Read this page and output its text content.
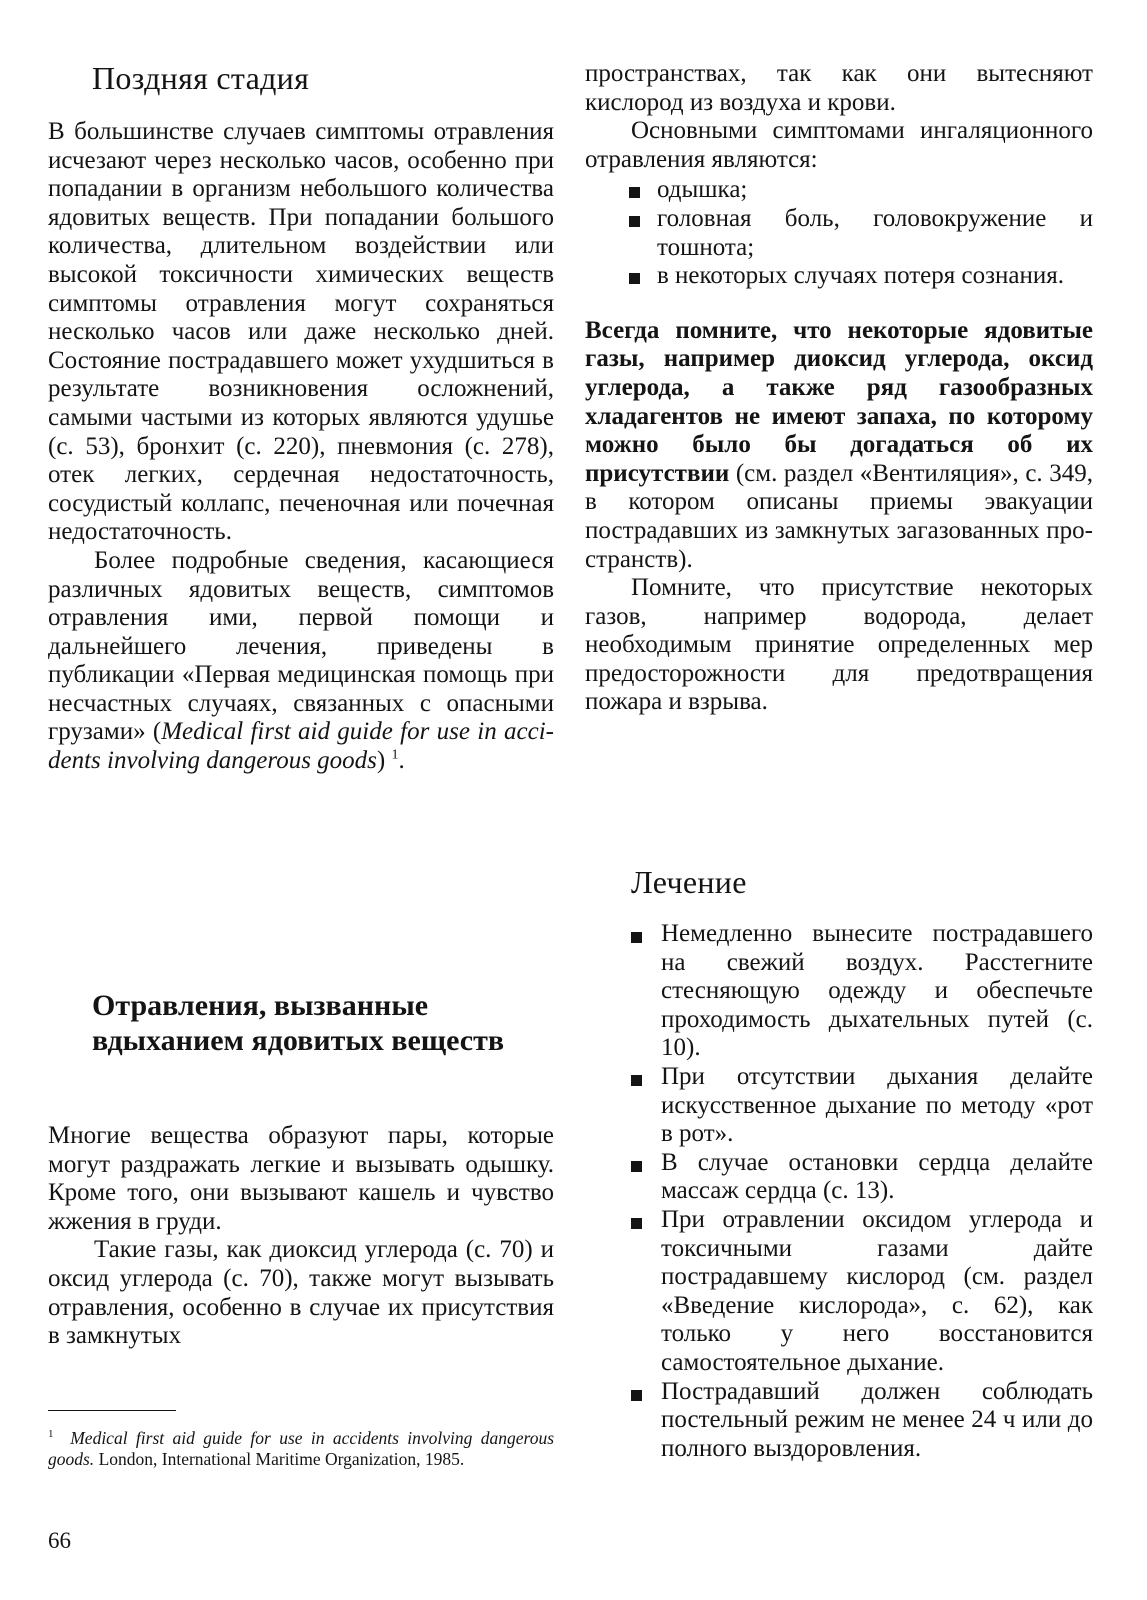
Поздняя стадия

В большинстве случаев симптомы отравления исчезают через несколько часов, особенно при попадании в организм небольшого количества ядовитых веществ. При попадании большого количества, длительном воздействии или высокой токсичности химических веществ симптомы отравления могут сохраняться несколько часов или даже несколько дней. Состояние пострадавшего может ухудшиться в результате возникновения осложнений, самыми частыми из которых являются удушье (с. 53), бронхит (с. 220), пневмония (с. 278), отек легких, сердечная недостаточность, сосудистый коллапс, печеночная или почечная недостаточность.

Более подробные сведения, касающиеся различных ядовитых веществ, симптомов отравления ими, первой помощи и дальнейшего лечения, приведены в публикации «Первая медицинская помощь при несчастных случаях, связанных с опасными грузами» (Medical first aid guide for use in accidents involving dangerous goods) $^1$.

Отравления, вызванные вдыханием ядовитых веществ

Многие вещества образуют пары, которые могут раздражать легкие и вызывать одышку. Кроме того, они вызывают кашель и чувство жжения в груди.

Такие газы, как диоксид углерода (с. 70) и оксид углерода (с. 70), также могут вызывать отравления, особенно в случае их присутствия в замкнутых

пространствах, так как они вытесняют кислород из воздуха и крови.

Основными симптомами ингаляционного отравления являются:

одышка;
головная боль, головокружение и тошнота;
в некоторых случаях потеря сознания.

Всегда помните, что некоторые ядовитые газы, например диоксид углерода, оксид углерода, а также ряд газообразных хладагентов не имеют запаха, по которому можно было бы догадаться об их присутствии (см. раздел «Вентиляция», с. 349, в котором описаны приемы эвакуации пострадавших из замкнутых загазованных пространств).

Помните, что присутствие некоторых газов, например водорода, делает необходимым принятие определенных мер предосторожности для предотвращения пожара и взрыва.

Лечение
Немедленно вынесите пострадавшего на свежий воздух. Расстегните стесняющую одежду и обеспечьте проходимость дыхательных путей (с. 10).
При отсутствии дыхания делайте искусственное дыхание по методу «рот в рот».
В случае остановки сердца делайте массаж сердца (с. 13).
При отравлении оксидом углерода и токсичными газами дайте пострадавшему кислород (см. раздел «Введение кислорода», с. 62), как только у него восстановится самостоятельное дыхание.
Пострадавший должен соблюдать постельный режим не менее 24 ч или до полного выздоровления.

$^1$ Medical first aid guide for use in accidents involving dangerous goods. London, International Maritime Organization, 1985.

66
